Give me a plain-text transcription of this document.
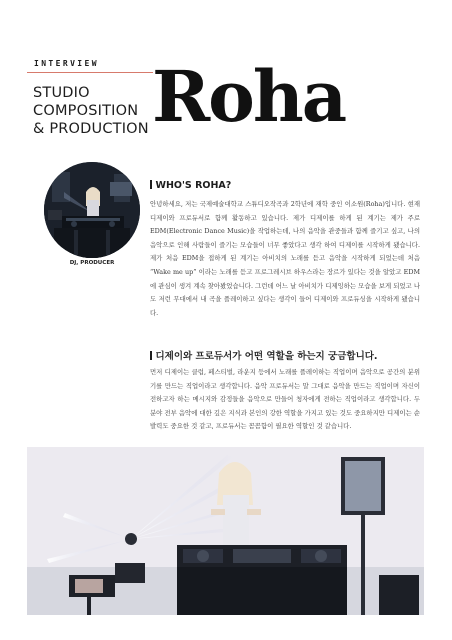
INTERVIEW
STUDIO
COMPOSITION
& PRODUCTION Roha
DJ, PRODUCER
WHO'S ROHA?

안녕하세요, 저는 국제예술대학교 스튜디오작곡과 2학년에 재학 중인 이소원(Roha)입니다. 현재 디제이와 프로듀서로 함께 활동하고 있습니다. 제가 디제이를 하게 된 계기는 제가 주로 EDM(Electronic Dance Music)을 작업하는데, 나의 음악을 관중들과 함께 즐기고 싶고, 나의 음악으로 인해 사람들이 즐기는 모습들이 너무 좋았다고 생각 하여 디제이를 시작하게 됐습니다. 제가 처음 EDM을 접하게 된 계기는 아비치의 노래를 듣고 음악을 시작하게 되었는데 처음 “Wake me up” 이라는 노래를 듣고 프로그레시브 하우스라는 장르가 있다는 것을 알았고 EDM에 관심이 생겨 계속 찾아봤었습니다. 그런데 어느 날 아비치가 디제잉하는 모습을 보게 되었고 나도 저런 무대에서 내 곡을 플레이하고 싶다는 생각이 들어 디제이와 프로듀싱을 시작하게 됐습니다.

디제이와 프로듀서가 어떤 역할을 하는지 궁금합니다.

먼저 디제이는 클럽, 페스티벌, 라운지 등에서 노래를 플레이하는 직업이며 음악으로 공간의 분위기를 만드는 직업이라고 생각합니다. 음악 프로듀서는 말 그대로 음악을 만드는 직업이며 자신이 전하고자 하는 메시지와 감정들을 음악으로 만들어 청자에게 전하는 직업이라고 생각합니다. 두 분야 전부 음악에 대한 깊은 지식과 본인의 강한 역할을 가지고 있는 것도 중요하지만 디제이는 순발력도 중요한 것 같고, 프로듀서는 꼼꼼함이 필요한 역할인 것 같습니다.
